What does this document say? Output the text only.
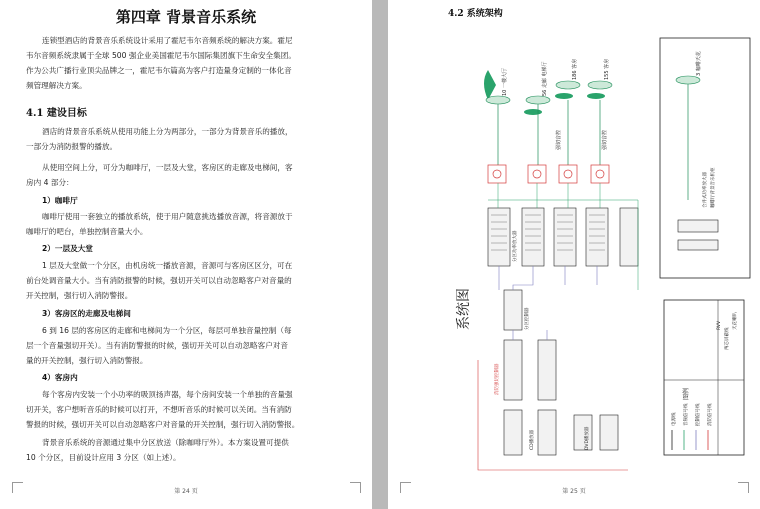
第四章 背景音乐系统
连锁型酒店的背景音乐系统设计采用了霍尼韦尔音频系统的解决方案。霍尼
韦尔音频系统隶属于全球 500 强企业美国霍尼韦尔国际集团旗下生命安全集团。
作为公共广播行业顶尖品牌之一，霍尼韦尔篇高为客户打造量身定制的一体化音
频管理解决方案。
4.1 建设目标
酒店的背景音乐系统从使用功能上分为两部分，一部分为背景音乐的播放，
一部分为消防报警的播放。
从使用空间上分，可分为咖啡厅，一层及大堂，客房区的走廊及电梯间，客
房内 4 部分：
1）咖啡厅
咖啡厅使用一套独立的播放系统，使于用户随意挑选播放音源，将音源放于
咖啡厅的吧台，单独控制音量大小。
2）一层及大堂
1 层及大堂做一个分区，由机房统一播放音源，音源可与客房区区分，可在
前台处调音量大小。当有消防报警的时候，强切开关可以自动忽略客户对音量的
开关控制，强行切入消防警报。
3）客房区的走廊及电梯间
6 到 16 层的客房区的走廊和电梯间为一个分区，每层可单独音量控制（每
层一个音量强切开关）。当有消防警报的时候，强切开关可以自动忽略客户对音
量的开关控制，强行切入消防警报。
4）客房内
每个客房内安装一个小功率的吸顶扬声器，每个房间安装一个单独的音量强
切开关，客户想听音乐的时候可以打开，不想听音乐的时候可以关闭。当有消防
警报的时候，强切开关可以自动忽略客户对音量的开关控制，强行切入消防警报。
背景音乐系统的音源通过集中分区放送（除咖啡厅外）。本方案设置可提供
10 个分区，目前设计应用 3 分区（如上述）。
第 24 页
4.2 系统架构
10 一楼大厅	56 走廊 电梯厅	186 客房	155 客房	3 咖啡天花
强切音控	强切音控
分区功率放大器
合并式功率放大器 咖啡厅背景音乐机柜
DVD播放器
消防强切控制器
CD播放器
分区控制器
系统图
图例
电源线	音频信号线	控制信号线	消防信号线
两芯屏蔽线
RVV	天花喇叭
第 25 页
